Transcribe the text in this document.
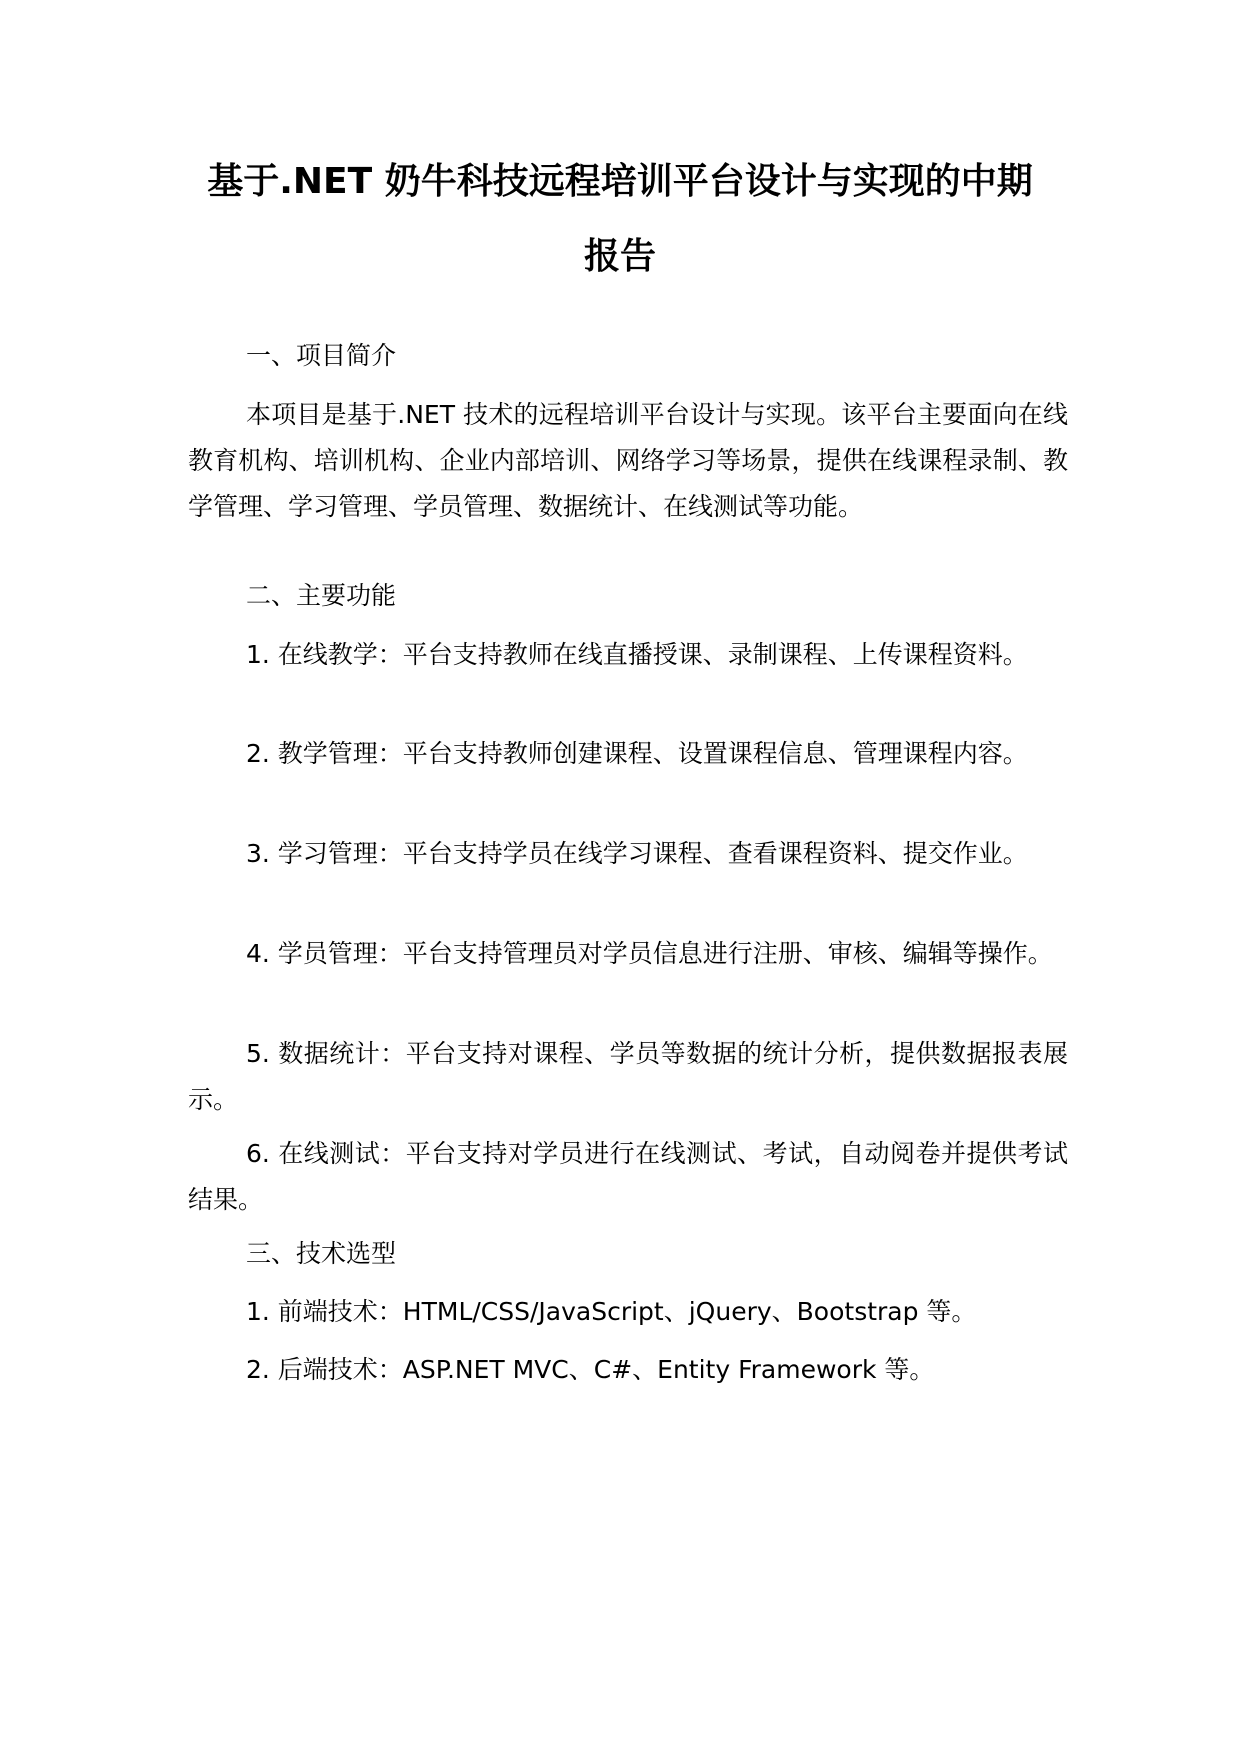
基于.NET 奶牛科技远程培训平台设计与实现的中期
报告

一、项目简介

本项目是基于.NET 技术的远程培训平台设计与实现。该平台主要面向在线教育机构、培训机构、企业内部培训、网络学习等场景，提供在线课程录制、教学管理、学习管理、学员管理、数据统计、在线测试等功能。

二、主要功能

1. 在线教学：平台支持教师在线直播授课、录制课程、上传课程资料。

2. 教学管理：平台支持教师创建课程、设置课程信息、管理课程内容。

3. 学习管理：平台支持学员在线学习课程、查看课程资料、提交作业。

4. 学员管理：平台支持管理员对学员信息进行注册、审核、编辑等操作。

5. 数据统计：平台支持对课程、学员等数据的统计分析，提供数据报表展示。

6. 在线测试：平台支持对学员进行在线测试、考试，自动阅卷并提供考试结果。

三、技术选型

1. 前端技术：HTML/CSS/JavaScript、jQuery、Bootstrap 等。

2. 后端技术：ASP.NET MVC、C#、Entity Framework 等。
